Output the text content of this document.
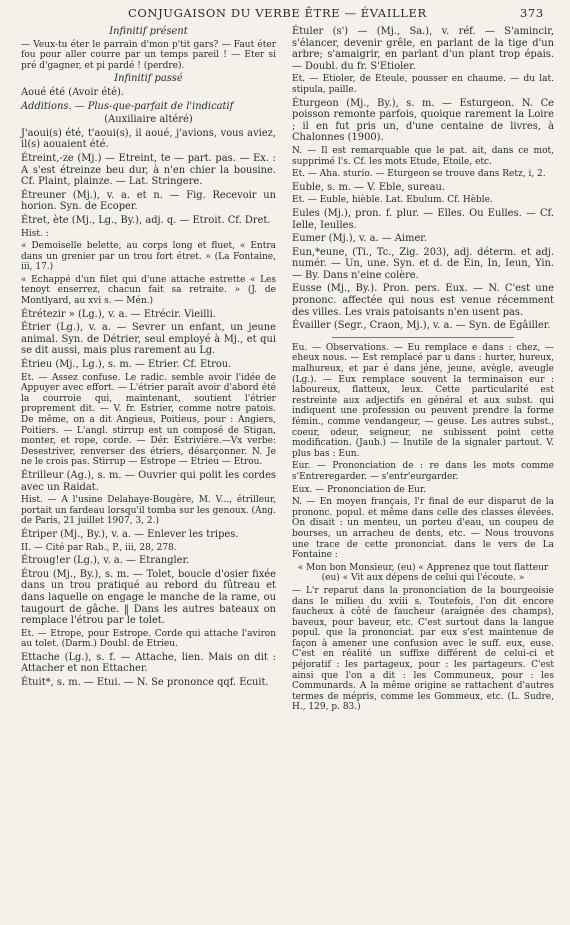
CONJUGAISON DU VERBE ÊTRE — ÉVAILLER	373

Infinitif présent

— Veux-tu éter le parrain d'mon p'tit gars? — Faut éter fou pour aller courre par un temps pareil ! — Eter si pré d'gagner, et pi pardé ! (perdre).

Infinitif passé

Aoué été (Avoir été).

Additions. — Plus-que-parfait de l'indicatif

(Auxiliaire altéré)

J'aoui(s) été, t'aoui(s), il aoué, j'avions, vous aviez, il(s) aouaient été.

Étreint,-ze (Mj.) — Etreint, te — part. pas. — Ex. : A s'est étreinze beu dur, à n'en chier la bousine. Cf. Plaint, plainze. — Lat. Stringere.

Étreuner (Mj.), v. a. et n. — Fig. Recevoir un horion. Syn. de Ecoper.

Étret, ète (Mj., Lg., By.), adj. q. — Etroit. Cf. Dret.

Hist. :

« Demoiselle belette, au corps long et fluet, « Entra dans un grenier par un trou fort étret. » (La Fontaine, iii, 17.)

« Echappé d'un filet qui d'une attache estrette « Les tenoyt enserrez, chacun fait sa retraite. » (J. de Montlyard, au xvi s. — Mén.)

Étrétezir » (Lg.), v. a. — Etrécir. Vieilli.

Étrier (Lg.), v. a. — Sevrer un enfant, un jeune animal. Syn. de Détrier, seul employé à Mj., et qui se dit aussi, mais plus rarement au Lg.

Étrieu (Mj., Lg.), s. m. — Etrier. Cf. Etrou.

Et. — Assez confuse. Le radic. semble avoir l'idée de Appuyer avec effort. — L'étrier paraît avoir d'abord été la courroie qui, maintenant, soutient l'étrier proprement dit. — V. fr. Estrier, comme notre patois. De même, on a dit Angieus, Poitieus, pour : Angiers, Poitiers. — L'angl. stirrup est un composé de Stigan, monter, et rope, corde. — Dér. Estrivière.—Vx verbe: Desestriver, renverser des étriers, désarçonner. N. Je ne le crois pas. Stirrup — Estrope — Etrieu — Etrou.

Étrilleur (Ag.), s. m. — Ouvrier qui polit les cordes avec un Raidat.

Hist. — A l'usine Delahaye-Bougère, M. V..., étrilleur, portait un fardeau lorsqu'il tomba sur les genoux. (Ang. de Paris, 21 juillet 1907, 3, 2.)

Étriper (Mj., By.), v. a. — Enlever les tripes.

II. — Cité par Rab., P., iii, 28, 278.

Étroug!er (Lg.), v. a. — Etrangler.

Étrou (Mj., By.), s. m. — Tolet, boucle d'osier fixée dans un trou pratiqué au rebord du fûtreau et dans laquelle on engage le manche de la rame, ou taugourt de gâche. ‖ Dans les autres bateaux on remplace l'étrou par le tolet.

Et. — Etrope, pour Estrope. Corde qui attache l'aviron au tolet. (Darm.) Doubl. de Etrieu.

Ettache (Lg.), s. f. — Attache, lien. Mais on dit : Attacher et non Ettacher.

Étuit*, s. m. — Etui. — N. Se prononce qqf. Ecuit.

Étuler (s') — (Mj., Sa.), v. réf. — S'amincir, s'élancer, devenir grêle, en parlant de la tige d'un arbre; s'amaigrir, en parlant d'un plant trop épais. — Doubl. du fr. S'Etioler.

Et. — Etioler, de Eteule, pousser en chaume. — du lat. stipula, paille.

Éturgeon (Mj., By.), s. m. — Esturgeon. N. Ce poisson remonte parfois, quoique rarement la Loire ; il en fut pris un, d'une centaine de livres, à Chalonnes (1900).

N. — Il est remarquable que le pat. ait, dans ce mot, supprimé l's. Cf. les mots Etude, Etoile, etc.

Et. — Aha. sturio. — Eturgeon se trouve dans Retz, i, 2.

Euble, s. m. — V. Eble, sureau.

Et. — Euble, hièble. Lat. Ebulum. Cf. Hèble.

Eules (Mj.), pron. f. plur. — Elles. Ou Eulles. — Cf. Ielle, Ieulles.

Eumer (Mj.), v. a. — Aimer.

Eun,*eune, (Ti., Tc., Zig. 203), adj. déterm. et adj. numér. — Un, une. Syn. et d. de Ein, In, Ieun, Yin. — By. Dans n'eine colère.

Eusse (Mj., By.). Pron. pers. Eux. — N. C'est une prononc. affectée qui nous est venue récemment des villes. Les vrais patoisants n'en usent pas.

Évailler (Segr., Craon, Mj.), v. a. — Syn. de Egâiller.

Eu. — Observations. — Eu remplace e dans : chez, — eheux nous. — Est remplacé par u dans : hurter, hureux, malhureux, et par é dans jéne, jeune, avègle, aveugle (Lg.). — Eux remplace souvent la terminaison eur : laboureux, flatteux, leux. Cette particularité est restreinte aux adjectifs en général et aux subst. qui indiquent une profession ou peuvent prendre la forme fémin., comme vendangeur, — geuse. Les autres subst., coeur, odeur, seigneur, ne subissent point cette modification. (Jaub.) — Inutile de la signaler partout. V. plus bas : Eun.

Eur. — Prononciation de : re dans les mots comme s'Entreregarder. — s'entr'eurgarder.

Eux. — Prononciation de Eur.

N. — En moyen français, l'r final de eur disparut de la prononc. popul. et même dans celle des classes élevées. On disait : un menteu, un porteu d'eau, un coupeu de bourses, un arracheu de dents, etc. — Nous trouvons une trace de cette prononciat. dans le vers de La Fontaine :

« Mon bon Monsieur, (eu) « Apprenez que tout flatteur (eu) « Vit aux dépens de celui qui l'écoute. »

— L'r reparut dans la prononciation de la bourgeoisie dans le milieu du xviii s. Toutefois, l'on dit encore faucheux à côté de faucheur (araignée des champs), baveux, pour baveur, etc. C'est surtout dans la langue popul. que la prononciat. par eux s'est maintenue de façon à amener une confusion avec le suff. eux, euse. C'est en réalité un suffixe différent de celui-ci et péjoratif : les partageux, pour : les partageurs. C'est ainsi que l'on a dit : les Communeux, pour : les Communards. A la même origine se rattachent d'autres termes de mépris, comme les Gommeux, etc. (L. Sudre, H., 129, p. 83.)
